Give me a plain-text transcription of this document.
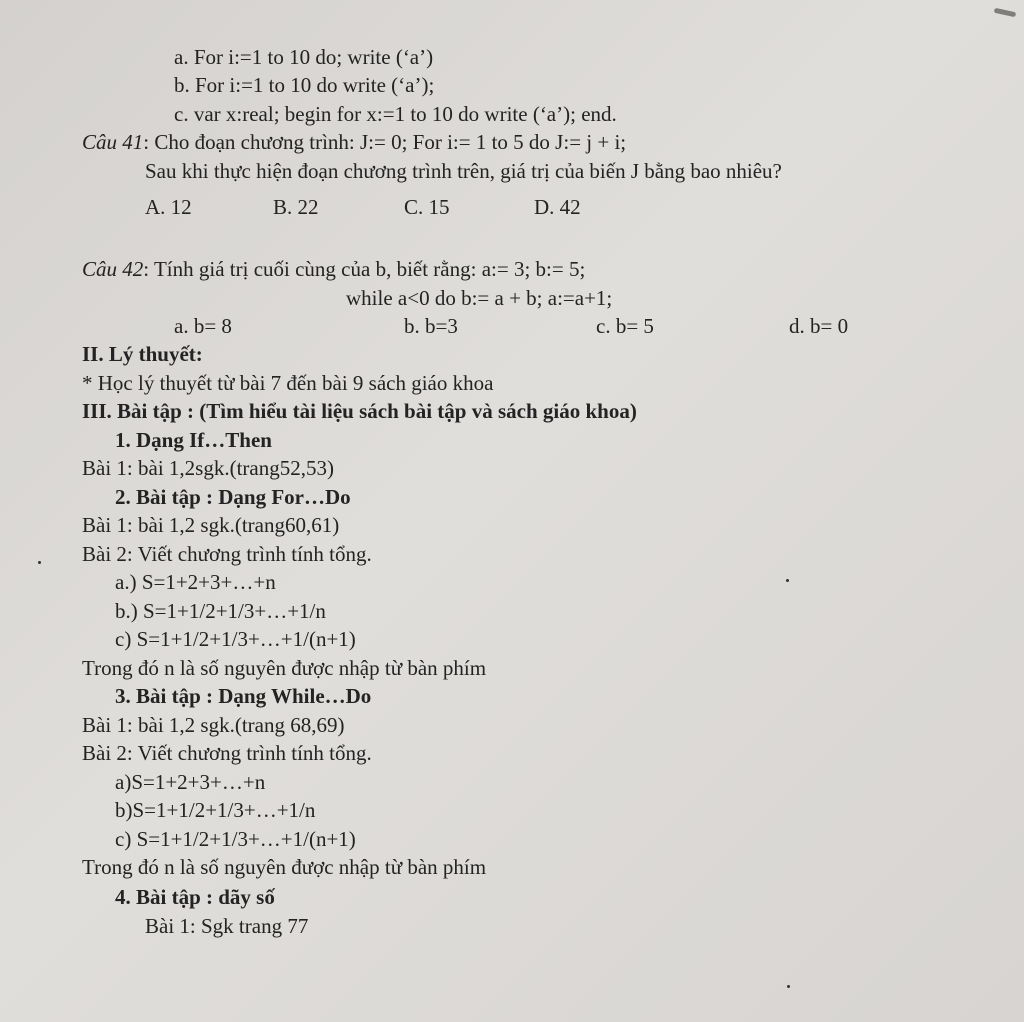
a. For i:=1 to 10 do; write (‘a’)
b. For i:=1 to 10 do write (‘a’);
c. var x:real; begin for x:=1 to 10 do write (‘a’); end.
Câu 41: Cho đoạn chương trình: J:= 0; For i:= 1 to 5 do J:= j + i;
Sau khi thực hiện đoạn chương trình trên, giá trị của biến J bằng bao nhiêu?
A. 12	B. 22	C. 15	D. 42
Câu 42: Tính giá trị cuối cùng của b, biết rằng: a:= 3; b:= 5;
while a<0 do b:= a + b; a:=a+1;
a. b= 8	b. b=3	c. b= 5	d. b= 0
II. Lý thuyết:
* Học lý thuyết từ bài 7 đến bài 9 sách giáo khoa
III. Bài tập : (Tìm hiểu tài liệu sách bài tập và sách giáo khoa)
1. Dạng If…Then
Bài 1: bài 1,2sgk.(trang52,53)
2. Bài tập : Dạng For…Do
Bài 1: bài 1,2 sgk.(trang60,61)
Bài 2: Viết chương trình tính tổng.
a.) S=1+2+3+…+n
b.) S=1+1/2+1/3+…+1/n
c) S=1+1/2+1/3+…+1/(n+1)
Trong đó n là số nguyên được nhập từ bàn phím
3. Bài tập : Dạng While…Do
Bài 1: bài 1,2 sgk.(trang 68,69)
Bài 2: Viết chương trình tính tổng.
a)S=1+2+3+…+n
b)S=1+1/2+1/3+…+1/n
c) S=1+1/2+1/3+…+1/(n+1)
Trong đó n là số nguyên được nhập từ bàn phím
4. Bài tập : dãy số
Bài 1: Sgk trang 77
